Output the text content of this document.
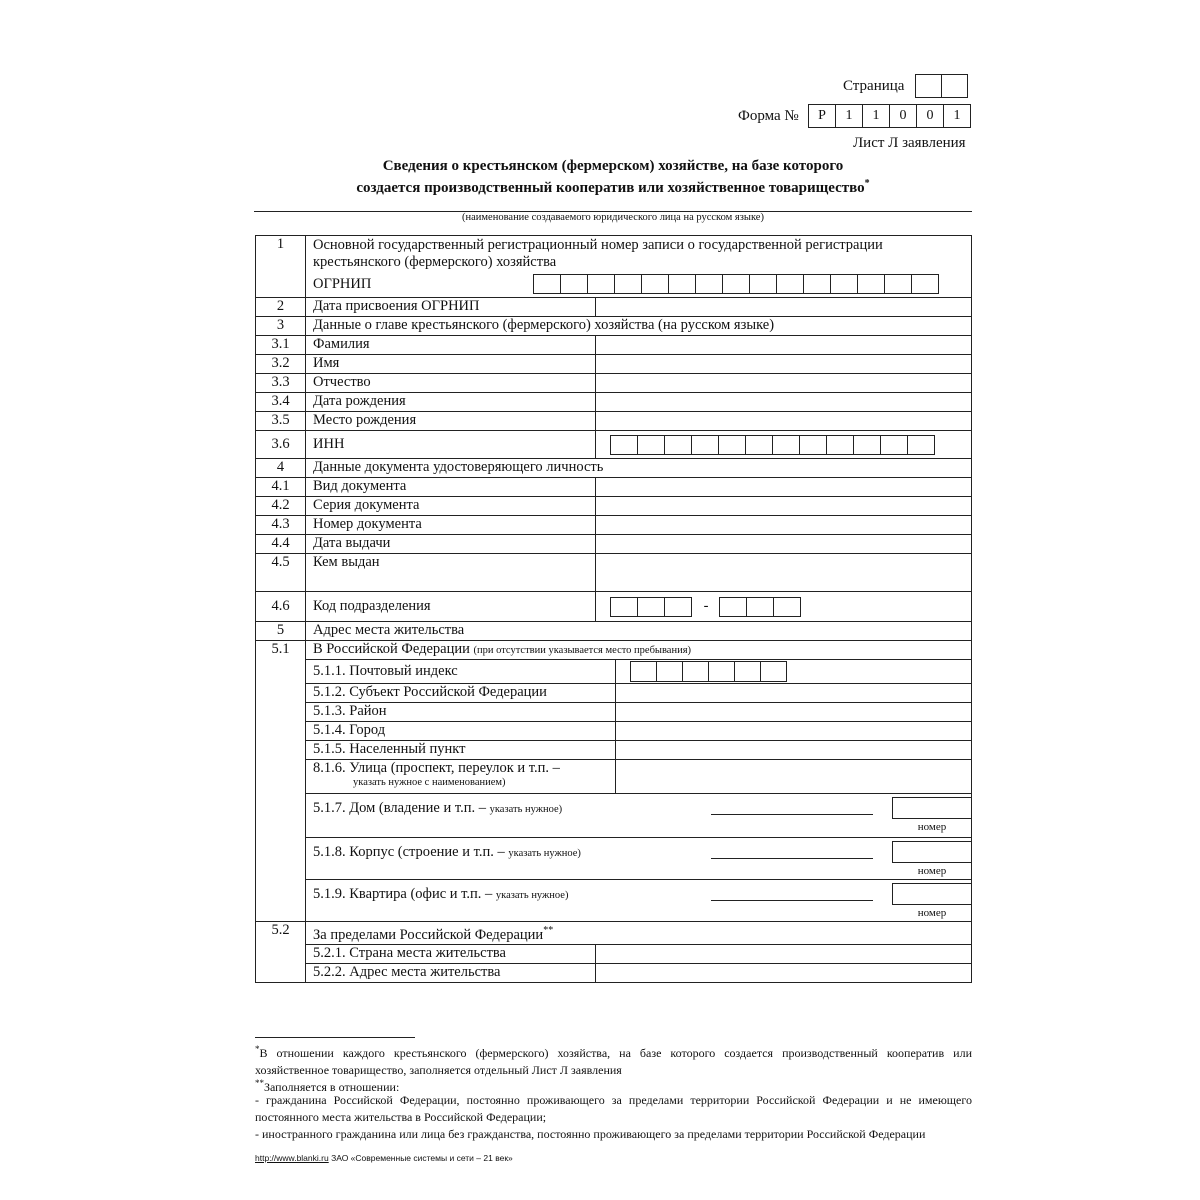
Страница
Форма №	Р	1	1	0	0	1
Лист Л заявления
Сведения о крестьянском (фермерском) хозяйстве, на базе которого
создается производственный кооператив или хозяйственное товарищество*
(наименование создаваемого юридического лица на русском языке)
1	Основной государственный регистрационный номер записи о государственной регистрации крестьянского (фермерского) хозяйства
ОГРНИП		

2	Дата присвоения ОГРНИП		
3	Данные о главе крестьянского (фермерского) хозяйства (на русском языке)		
3.1	Фамилия		
3.2	Имя		
3.3	Отчество		
3.4	Дата рождения		
3.5	Место рождения		
3.6	ИНН		

4	Данные документа удостоверяющего личность		
4.1	Вид документа		
4.2	Серия документа		
4.3	Номер документа		
4.4	Дата выдачи		
4.5	Кем выдан		
4.6	Код подразделения	-	

5	Адрес места жительства		
5.1	В Российской Федерации (при отсутствии указывается место пребывания)		
	5.1.1. Почтовый индекс		

	5.1.2. Субъект Российской Федерации		
	5.1.3. Район		
	5.1.4. Город		
	5.1.5. Населенный пункт		

	8.1.6. Улица (проспект, переулок и т.п. –
указать нужное с наименованием)		

	5.1.7. Дом (владение и т.п. – указать нужное)
номер		

	5.1.8. Корпус (строение и т.п. – указать нужное)
номер		

	5.1.9. Квартира (офис и т.п. – указать нужное)
номер		

5.2	За пределами Российской Федерации**
	5.2.1. Страна места жительства		
	5.2.2. Адрес места жительства		
*В отношении каждого крестьянского (фермерского) хозяйства, на базе которого создается производственный кооператив или хозяйственное товарищество, заполняется отдельный Лист Л заявления
**Заполняется в отношении:
- гражданина Российской Федерации, постоянно проживающего за пределами территории Российской Федерации и не имеющего постоянного места жительства в Российской Федерации;
- иностранного гражданина или лица без гражданства, постоянно проживающего за пределами территории Российской Федерации
http://www.blanki.ru ЗАО «Современные системы и сети – 21 век»
